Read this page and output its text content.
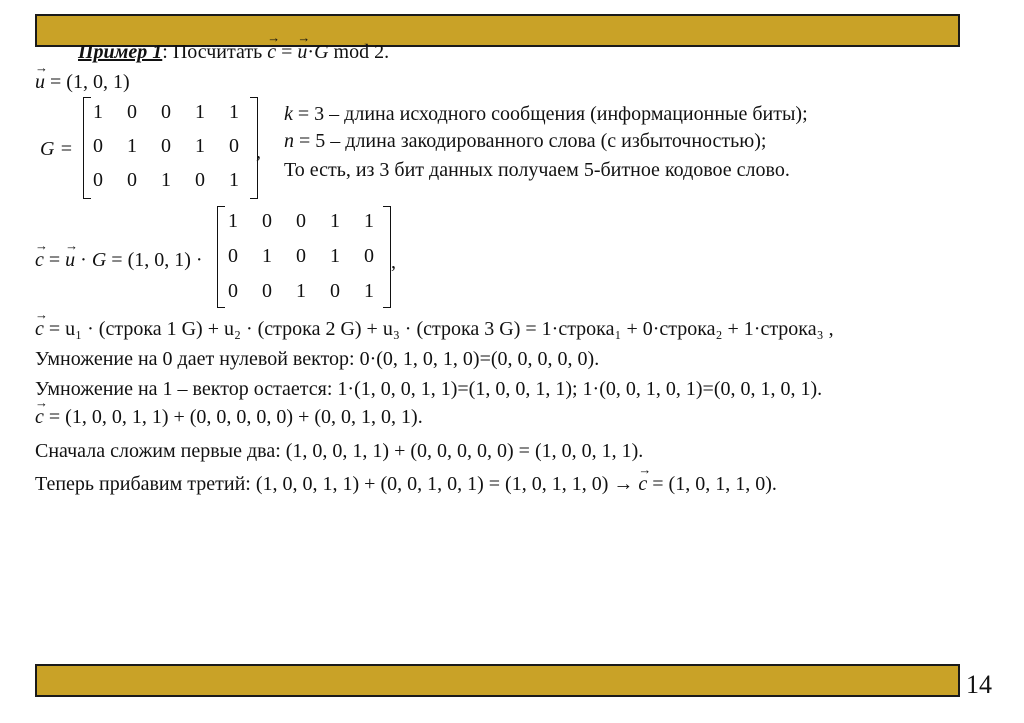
Пример 1: Посчитать → c = → u·G mod 2.
→ u = (1, 0, 1)
G =
1 0 0 1 1
0 1 0 1 0
0 0 1 0 1
,
k = 3 – длина исходного сообщения (информационные биты);
n = 5 – длина закодированного слова (с избыточностью);
То есть, из 3 бит данных получаем 5-битное кодовое слово.
→ c = → u · G = (1, 0, 1) ·
1 0 0 1 1
0 1 0 1 0
0 0 1 0 1
,
→ c = u₁ · (строка 1 G) + u₂ · (строка 2 G) + u₃ · (строка 3 G) = 1·строка₁ + 0·строка₂ + 1·строка₃ ,
Умножение на 0 дает нулевой вектор: 0·(0, 1, 0, 1, 0)=(0, 0, 0, 0, 0).
Умножение на 1 – вектор остается: 1·(1, 0, 0, 1, 1)=(1, 0, 0, 1, 1); 1·(0, 0, 1, 0, 1)=(0, 0, 1, 0, 1).
→ c = (1, 0, 0, 1, 1) + (0, 0, 0, 0, 0) + (0, 0, 1, 0, 1).
Сначала сложим первые два: (1, 0, 0, 1, 1) + (0, 0, 0, 0, 0) = (1, 0, 0, 1, 1).
Теперь прибавим третий: (1, 0, 0, 1, 1) + (0, 0, 1, 0, 1) = (1, 0, 1, 1, 0) → → c = (1, 0, 1, 1, 0).
14
